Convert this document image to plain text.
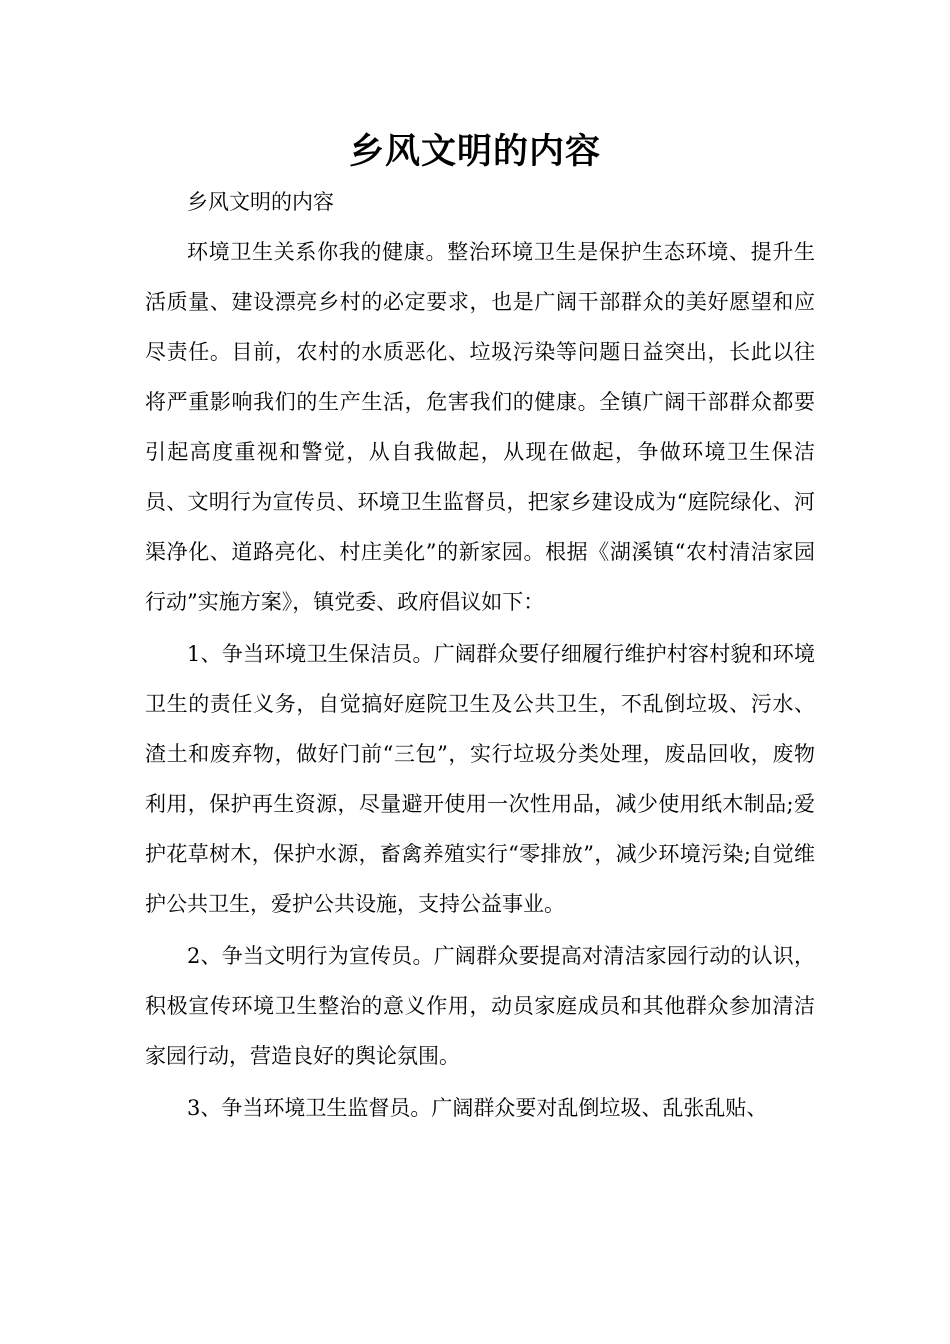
乡风文明的内容

乡风文明的内容

环境卫生关系你我的健康。整治环境卫生是保护生态环境、提升生活质量、建设漂亮乡村的必定要求，也是广阔干部群众的美好愿望和应尽责任。目前，农村的水质恶化、垃圾污染等问题日益突出，长此以往将严重影响我们的生产生活，危害我们的健康。全镇广阔干部群众都要引起高度重视和警觉，从自我做起，从现在做起，争做环境卫生保洁员、文明行为宣传员、环境卫生监督员，把家乡建设成为“庭院绿化、河渠净化、道路亮化、村庄美化”的新家园。根据《湖溪镇“农村清洁家园行动”实施方案》，镇党委、政府倡议如下：

1、争当环境卫生保洁员。广阔群众要仔细履行维护村容村貌和环境卫生的责任义务，自觉搞好庭院卫生及公共卫生，不乱倒垃圾、污水、渣土和废弃物，做好门前“三包”，实行垃圾分类处理，废品回收，废物利用，保护再生资源，尽量避开使用一次性用品，减少使用纸木制品;爱护花草树木，保护水源，畜禽养殖实行“零排放”，减少环境污染;自觉维护公共卫生，爱护公共设施，支持公益事业。

2、争当文明行为宣传员。广阔群众要提高对清洁家园行动的认识，积极宣传环境卫生整治的意义作用，动员家庭成员和其他群众参加清洁家园行动，营造良好的舆论氛围。

3、争当环境卫生监督员。广阔群众要对乱倒垃圾、乱张乱贴、
